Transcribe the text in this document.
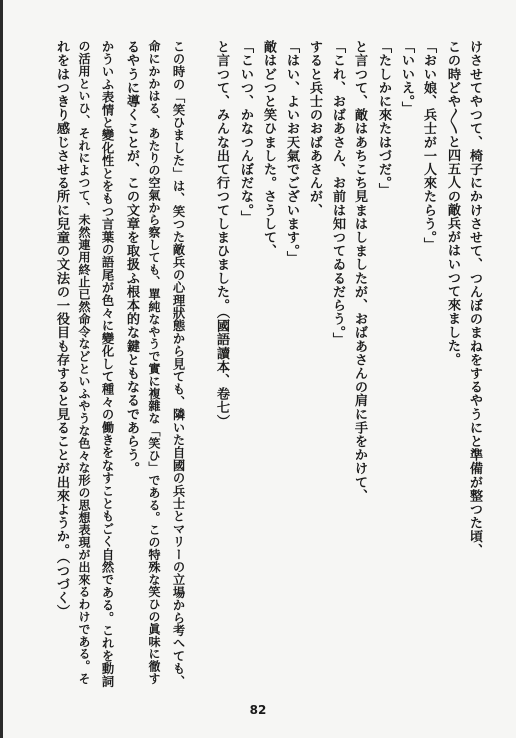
けさせてやつて、椅子にかけさせて、つんぼのまねをするやうにと準備が整つた頃、
この時どや〳〵と四五人の敵兵がはいつて來ました。
「おい娘、兵士が一人來たらう。」
「いいえ。」
「たしかに來たはづだ。」
と言つて、敵はあちこち見まはしましたが、おばあさんの肩に手をかけて、
「これ、おばあさん、お前は知つてゐるだらう。」
すると兵士のおばあさんが、
「はい、よいお天氣でございます。」
敵はどつと笑ひました。さうして、
「こいつ、かなつんぼだな。」
と言つて、みんな出て行つてしまひました。（國語讀本、卷七）
この時の「笑ひました」は、笑つた敵兵の心理狀態から見ても、隣いた自國の兵士とマリーの立場から考へても、
命にかかはる、あたりの空氣から察しても、單純なやうで實に複雜な「笑ひ」である。この特殊な笑ひの眞味に徹す
るやうに導くことが、この文章を取扱ふ根本的な鍵ともなるであらう。
かういふ表情と變化性とをもつ言葉の語尾が色々に變化して種々の働きをなすこともごく自然である。これを動詞
の活用といひ、それによつて、未然連用終止已然命令などといふやうな色々な形の思想表現が出來るわけである。そ
れをはつきり感じさせる所に兒童の文法の一役目も存すると見ることが出來ようか。（つづく）
82
